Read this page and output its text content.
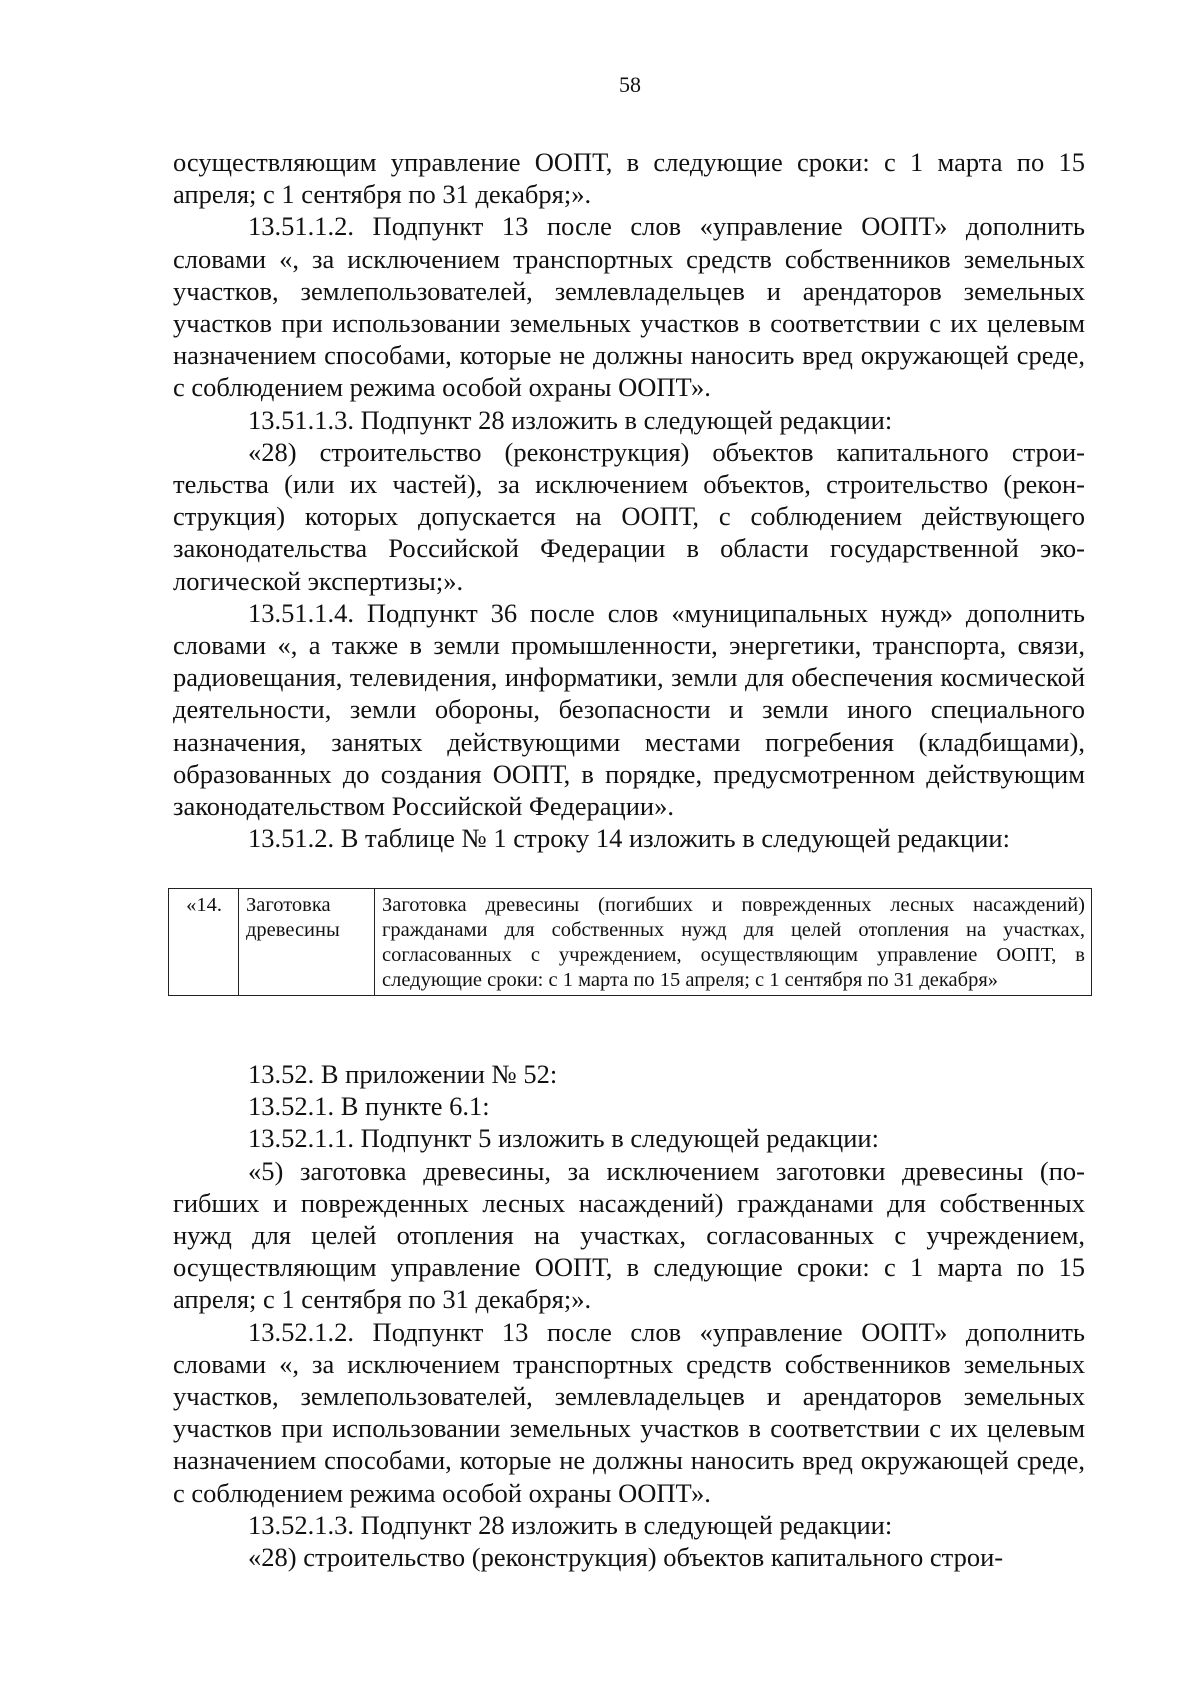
58

осуществляющим управление ООПТ, в следующие сроки: с 1 марта по 15 апреля; с 1 сентября по 31 декабря;».

13.51.1.2. Подпункт 13 после слов «управление ООПТ» дополнить словами «, за исключением транспортных средств собственников земельных участков, землепользователей, землевладельцев и арендаторов земельных участков при использовании земельных участков в соответствии с их целевым назначением способами, которые не должны наносить вред окружающей среде, с соблюдением режима особой охраны ООПТ».

13.51.1.3. Подпункт 28 изложить в следующей редакции:

«28) строительство (реконструкция) объектов капитального строительства (или их частей), за исключением объектов, строительство (реконструкция) которых допускается на ООПТ, с соблюдением действующего законодательства Российской Федерации в области государственной экологической экспертизы;».

13.51.1.4. Подпункт 36 после слов «муниципальных нужд» дополнить словами «, а также в земли промышленности, энергетики, транспорта, связи, радиовещания, телевидения, информатики, земли для обеспечения космической деятельности, земли обороны, безопасности и земли иного специального назначения, занятых действующими местами погребения (кладбищами), образованных до создания ООПТ, в порядке, предусмотренном действующим законодательством Российской Федерации».

13.51.2. В таблице № 1 строку 14 изложить в следующей редакции:

«14.	Заготовка древесины	Заготовка древесины (погибших и поврежденных лесных насаждений) гражданами для собственных нужд для целей отопления на участках, согласованных с учреждением, осуществляющим управление ООПТ, в следующие сроки: с 1 марта по 15 апреля; с 1 сентября по 31 декабря»

13.52. В приложении № 52:

13.52.1. В пункте 6.1:

13.52.1.1. Подпункт 5 изложить в следующей редакции:

«5) заготовка древесины, за исключением заготовки древесины (погибших и поврежденных лесных насаждений) гражданами для собственных нужд для целей отопления на участках, согласованных с учреждением, осуществляющим управление ООПТ, в следующие сроки: с 1 марта по 15 апреля; с 1 сентября по 31 декабря;».

13.52.1.2. Подпункт 13 после слов «управление ООПТ» дополнить словами «, за исключением транспортных средств собственников земельных участков, землепользователей, землевладельцев и арендаторов земельных участков при использовании земельных участков в соответствии с их целевым назначением способами, которые не должны наносить вред окружающей среде, с соблюдением режима особой охраны ООПТ».

13.52.1.3. Подпункт 28 изложить в следующей редакции:

«28) строительство (реконструкция) объектов капитального строи-
